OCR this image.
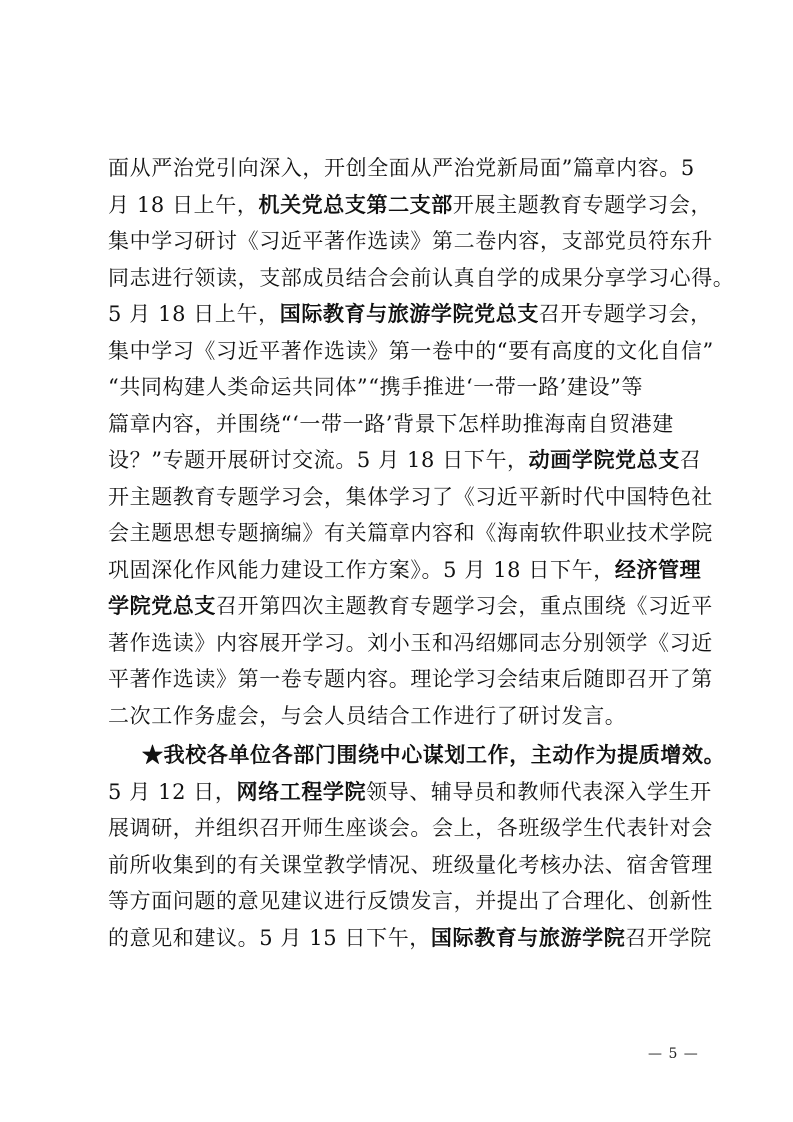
面从严治党引向深入，开创全面从严治党新局面”篇章内容。5
月 18 日上午，机关党总支第二支部开展主题教育专题学习会，
集中学习研讨《习近平著作选读》第二卷内容，支部党员符东升
同志进行领读，支部成员结合会前认真自学的成果分享学习心得。
5 月 18 日上午，国际教育与旅游学院党总支召开专题学习会，
集中学习《习近平著作选读》第一卷中的“要有高度的文化自信”
“共同构建人类命运共同体”“携手推进‘一带一路’建设”等
篇章内容，并围绕“‘一带一路’背景下怎样助推海南自贸港建
设？”专题开展研讨交流。5 月 18 日下午，动画学院党总支召
开主题教育专题学习会，集体学习了《习近平新时代中国特色社
会主题思想专题摘编》有关篇章内容和《海南软件职业技术学院
巩固深化作风能力建设工作方案》。5 月 18 日下午，经济管理
学院党总支召开第四次主题教育专题学习会，重点围绕《习近平
著作选读》内容展开学习。刘小玉和冯绍娜同志分别领学《习近
平著作选读》第一卷专题内容。理论学习会结束后随即召开了第
二次工作务虚会，与会人员结合工作进行了研讨发言。
★我校各单位各部门围绕中心谋划工作，主动作为提质增效。
5 月 12 日，网络工程学院领导、辅导员和教师代表深入学生开
展调研，并组织召开师生座谈会。会上，各班级学生代表针对会
前所收集到的有关课堂教学情况、班级量化考核办法、宿舍管理
等方面问题的意见建议进行反馈发言，并提出了合理化、创新性
的意见和建议。5 月 15 日下午，国际教育与旅游学院召开学院
— 5 —
